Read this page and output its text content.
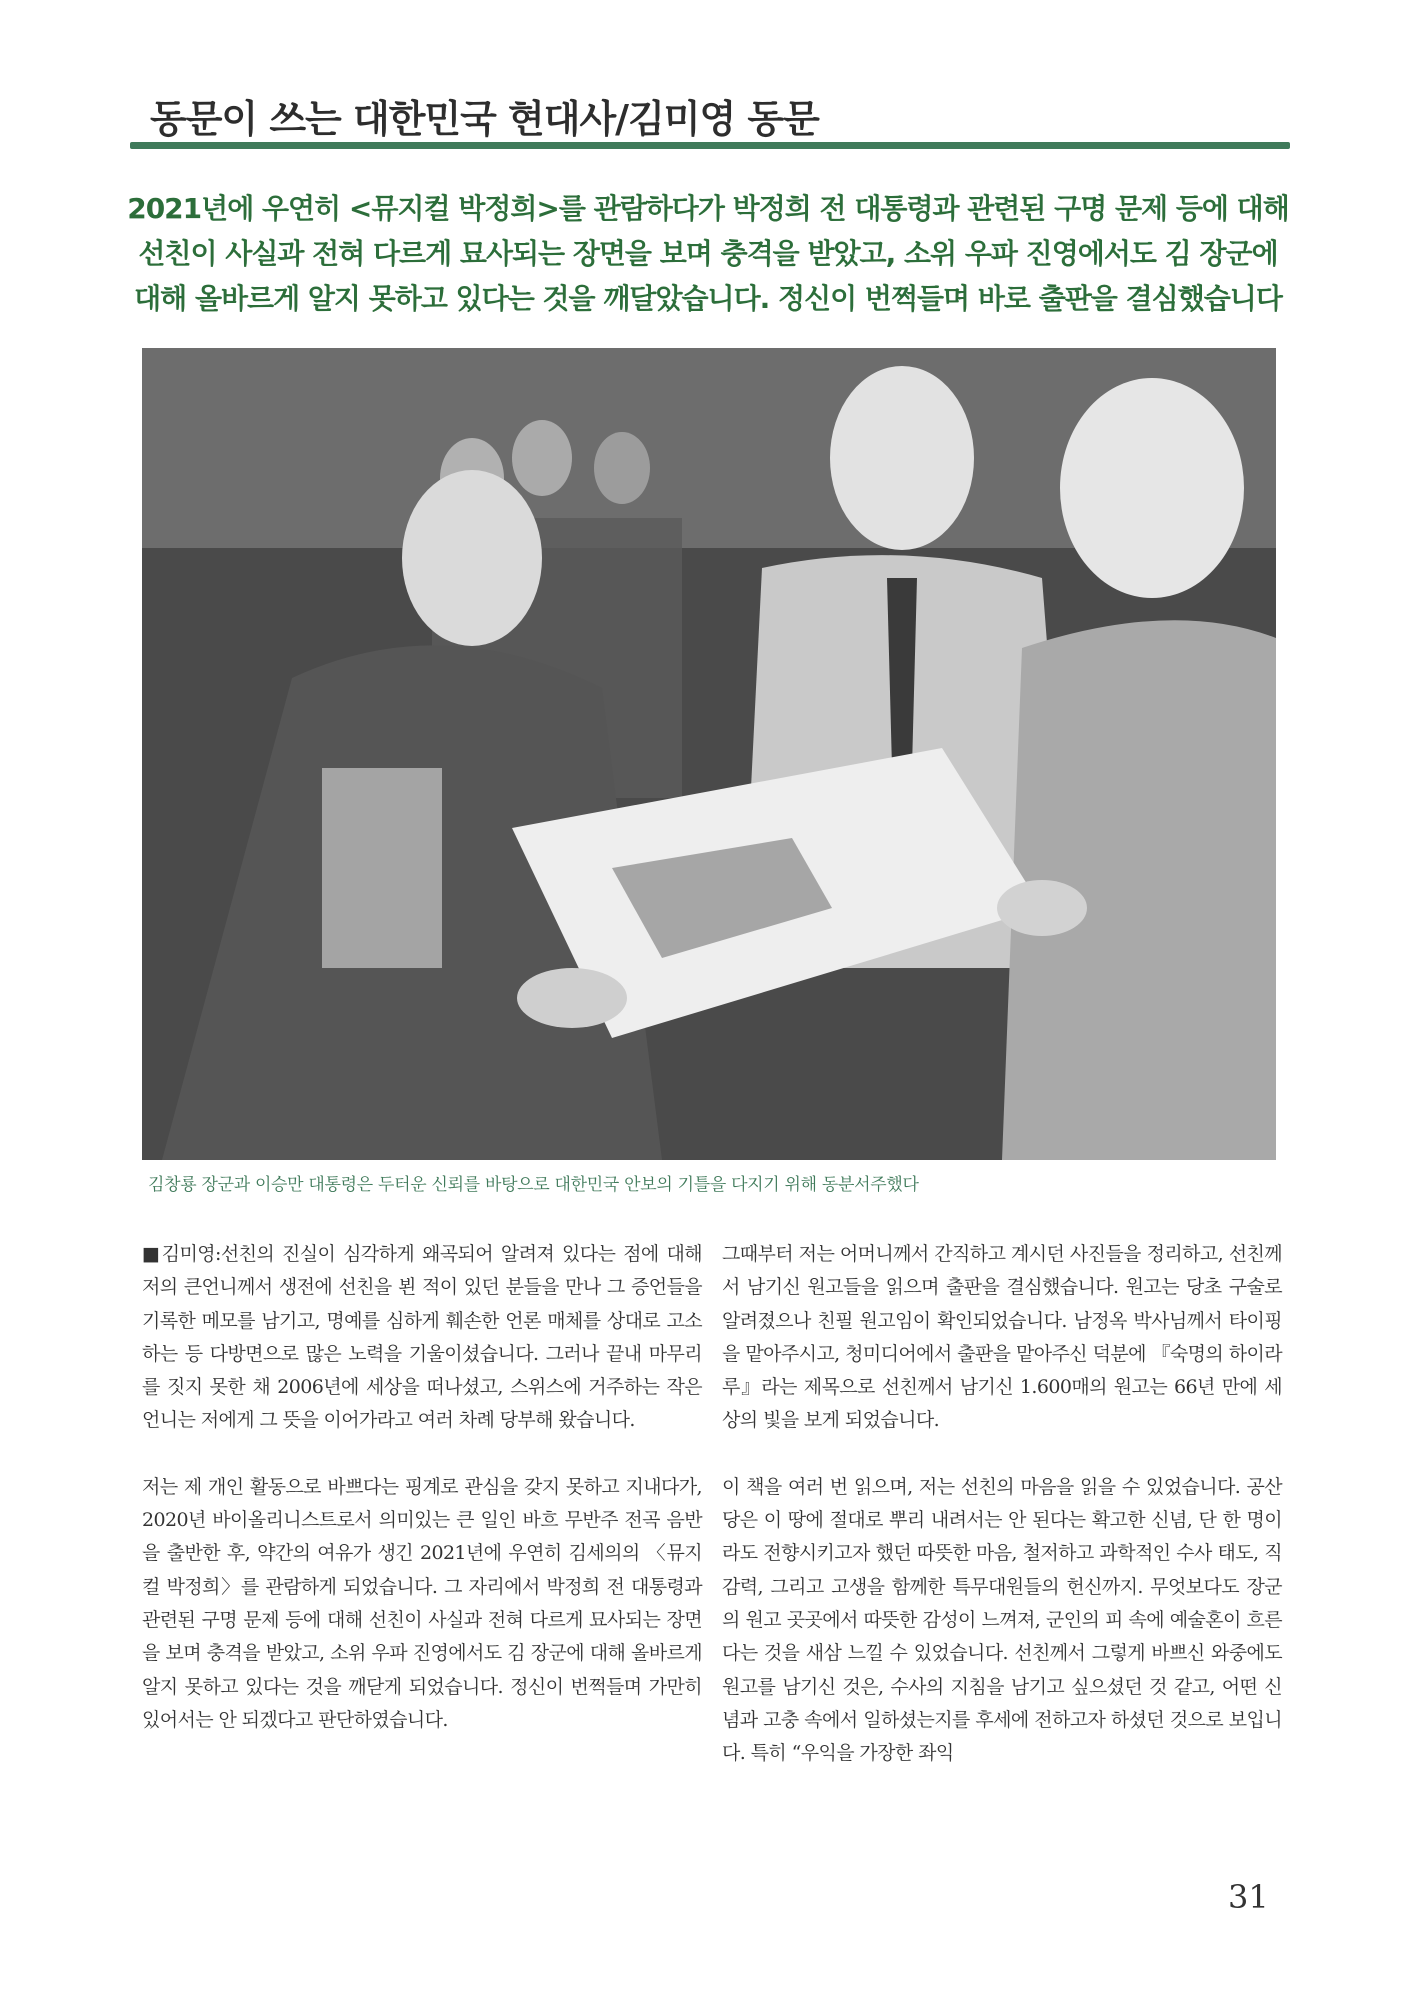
동문이 쓰는 대한민국 현대사/김미영 동문
2021년에 우연히 <뮤지컬 박정희>를 관람하다가 박정희 전 대통령과 관련된 구명 문제 등에 대해
선친이 사실과 전혀 다르게 묘사되는 장면을 보며 충격을 받았고, 소위 우파 진영에서도 김 장군에
대해 올바르게 알지 못하고 있다는 것을 깨달았습니다. 정신이 번쩍들며 바로 출판을 결심했습니다

김창룡 장군과 이승만 대통령은 두터운 신뢰를 바탕으로 대한민국 안보의 기틀을 다지기 위해 동분서주했다

■김미영:선친의 진실이 심각하게 왜곡되어 알려져 있다는 점에 대해 저의 큰언니께서 생전에 선친을 뵌 적이 있던 분들을 만나 그 증언들을 기록한 메모를 남기고, 명예를 심하게 훼손한 언론 매체를 상대로 고소하는 등 다방면으로 많은 노력을 기울이셨습니다. 그러나 끝내 마무리를 짓지 못한 채 2006년에 세상을 떠나셨고, 스위스에 거주하는 작은언니는 저에게 그 뜻을 이어가라고 여러 차례 당부해 왔습니다.

저는 제 개인 활동으로 바쁘다는 핑계로 관심을 갖지 못하고 지내다가, 2020년 바이올리니스트로서 의미있는 큰 일인 바흐 무반주 전곡 음반을 출반한 후, 약간의 여유가 생긴 2021년에 우연히 김세의의 〈뮤지컬 박정희〉를 관람하게 되었습니다. 그 자리에서 박정희 전 대통령과 관련된 구명 문제 등에 대해 선친이 사실과 전혀 다르게 묘사되는 장면을 보며 충격을 받았고, 소위 우파 진영에서도 김 장군에 대해 올바르게 알지 못하고 있다는 것을 깨닫게 되었습니다. 정신이 번쩍들며 가만히 있어서는 안 되겠다고 판단하였습니다.

그때부터 저는 어머니께서 간직하고 계시던 사진들을 정리하고, 선친께서 남기신 원고들을 읽으며 출판을 결심했습니다. 원고는 당초 구술로 알려졌으나 친필 원고임이 확인되었습니다. 남정옥 박사님께서 타이핑을 맡아주시고, 청미디어에서 출판을 맡아주신 덕분에 『숙명의 하이라루』라는 제목으로 선친께서 남기신 1.600매의 원고는 66년 만에 세상의 빛을 보게 되었습니다.

이 책을 여러 번 읽으며, 저는 선친의 마음을 읽을 수 있었습니다. 공산당은 이 땅에 절대로 뿌리 내려서는 안 된다는 확고한 신념, 단 한 명이라도 전향시키고자 했던 따뜻한 마음, 철저하고 과학적인 수사 태도, 직감력, 그리고 고생을 함께한 특무대원들의 헌신까지. 무엇보다도 장군의 원고 곳곳에서 따뜻한 감성이 느껴져, 군인의 피 속에 예술혼이 흐른다는 것을 새삼 느낄 수 있었습니다. 선친께서 그렇게 바쁘신 와중에도 원고를 남기신 것은, 수사의 지침을 남기고 싶으셨던 것 같고, 어떤 신념과 고충 속에서 일하셨는지를 후세에 전하고자 하셨던 것으로 보입니다. 특히 “우익을 가장한 좌익

31
